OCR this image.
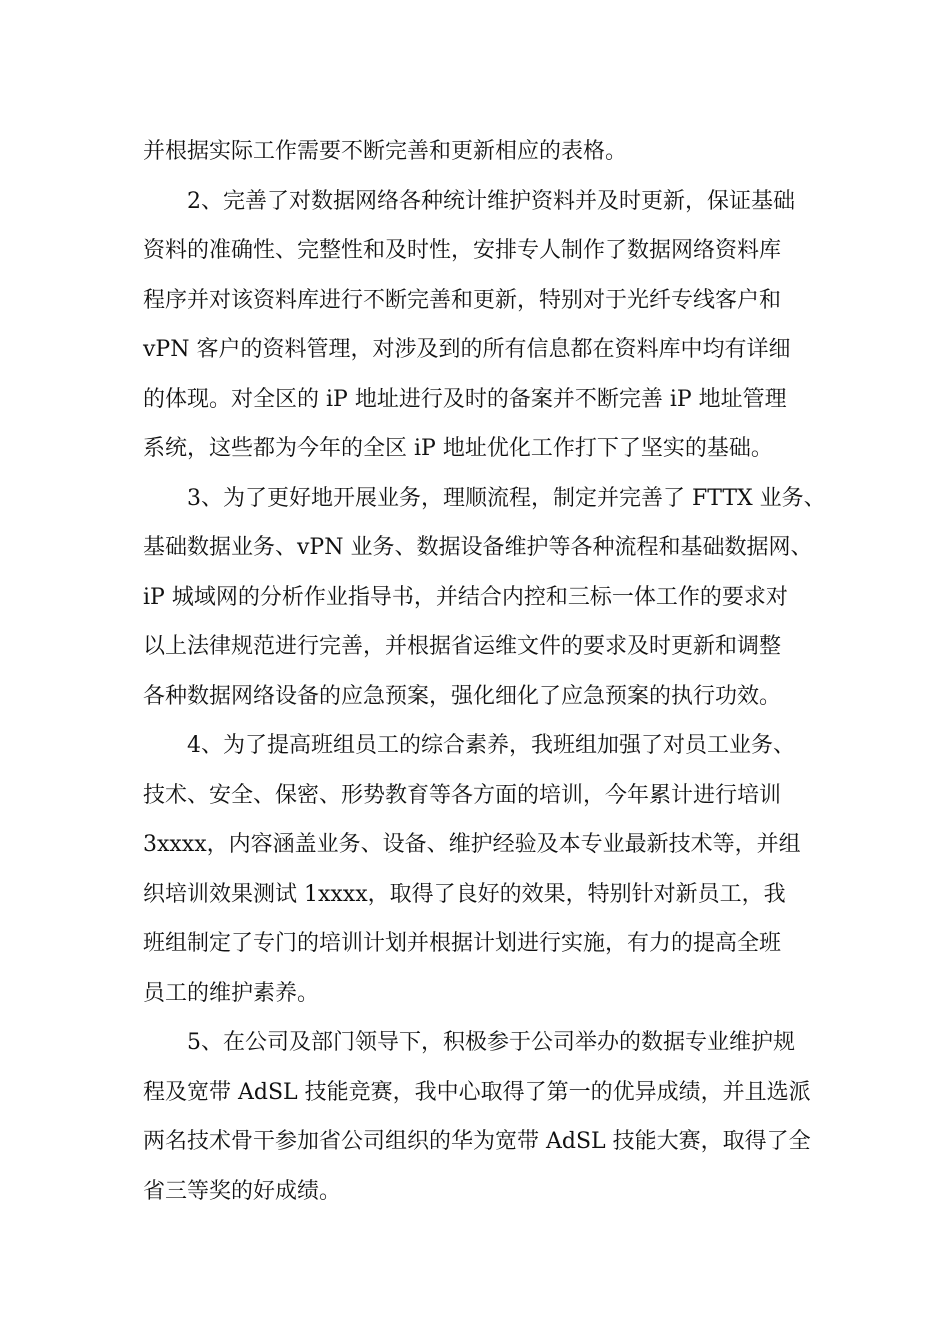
并根据实际工作需要不断完善和更新相应的表格。
2、完善了对数据网络各种统计维护资料并及时更新，保证基础
资料的准确性、完整性和及时性，安排专人制作了数据网络资料库
程序并对该资料库进行不断完善和更新，特别对于光纤专线客户和
vPN 客户的资料管理，对涉及到的所有信息都在资料库中均有详细
的体现。对全区的 iP 地址进行及时的备案并不断完善 iP 地址管理
系统，这些都为今年的全区 iP 地址优化工作打下了坚实的基础。
3、为了更好地开展业务，理顺流程，制定并完善了 FTTX 业务、
基础数据业务、vPN 业务、数据设备维护等各种流程和基础数据网、
iP 城域网的分析作业指导书，并结合内控和三标一体工作的要求对
以上法律规范进行完善，并根据省运维文件的要求及时更新和调整
各种数据网络设备的应急预案，强化细化了应急预案的执行功效。
4、为了提高班组员工的综合素养，我班组加强了对员工业务、
技术、安全、保密、形势教育等各方面的培训，今年累计进行培训
3xxxx，内容涵盖业务、设备、维护经验及本专业最新技术等，并组
织培训效果测试 1xxxx，取得了良好的效果，特别针对新员工，我
班组制定了专门的培训计划并根据计划进行实施，有力的提高全班
员工的维护素养。
5、在公司及部门领导下，积极参于公司举办的数据专业维护规
程及宽带 AdSL 技能竞赛，我中心取得了第一的优异成绩，并且选派
两名技术骨干参加省公司组织的华为宽带 AdSL 技能大赛，取得了全
省三等奖的好成绩。
